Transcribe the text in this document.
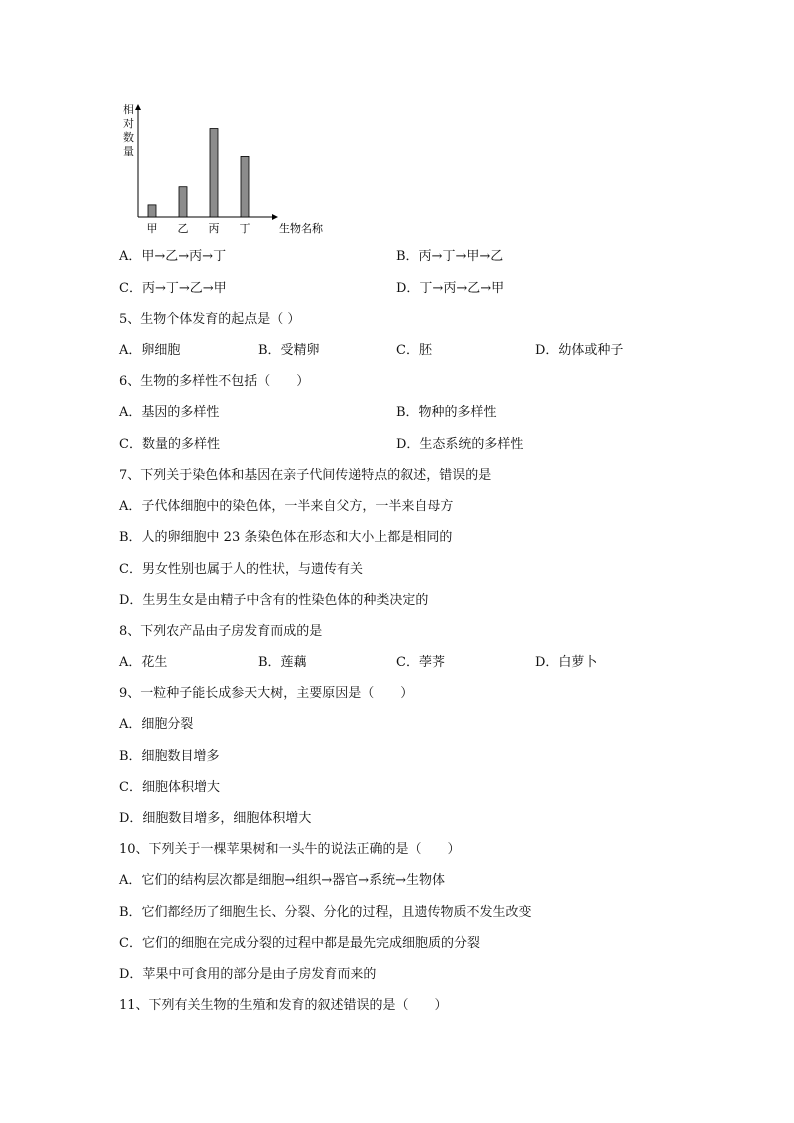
相对数量
甲 乙 丙 丁	生物名称
A．甲→乙→丙→丁	B．丙→丁→甲→乙
C．丙→丁→乙→甲	D．丁→丙→乙→甲
5、生物个体发育的起点是（ ）
A．卵细胞	B．受精卵	C．胚	D．幼体或种子
6、生物的多样性不包括（　　）
A．基因的多样性	B．物种的多样性
C．数量的多样性	D．生态系统的多样性
7、下列关于染色体和基因在亲子代间传递特点的叙述，错误的是
A．子代体细胞中的染色体，一半来自父方，一半来自母方
B．人的卵细胞中 23 条染色体在形态和大小上都是相同的
C．男女性别也属于人的性状，与遗传有关
D．生男生女是由精子中含有的性染色体的种类决定的
8、下列农产品由子房发育而成的是
A．花生	B．莲藕	C．荸荠	D．白萝卜
9、一粒种子能长成参天大树，主要原因是（　　）
A．细胞分裂
B．细胞数目增多
C．细胞体积增大
D．细胞数目增多，细胞体积增大
10、下列关于一棵苹果树和一头牛的说法正确的是（　　）
A．它们的结构层次都是细胞→组织→器官→系统→生物体
B．它们都经历了细胞生长、分裂、分化的过程，且遗传物质不发生改变
C．它们的细胞在完成分裂的过程中都是最先完成细胞质的分裂
D．苹果中可食用的部分是由子房发育而来的
11、下列有关生物的生殖和发育的叙述错误的是（　　）
